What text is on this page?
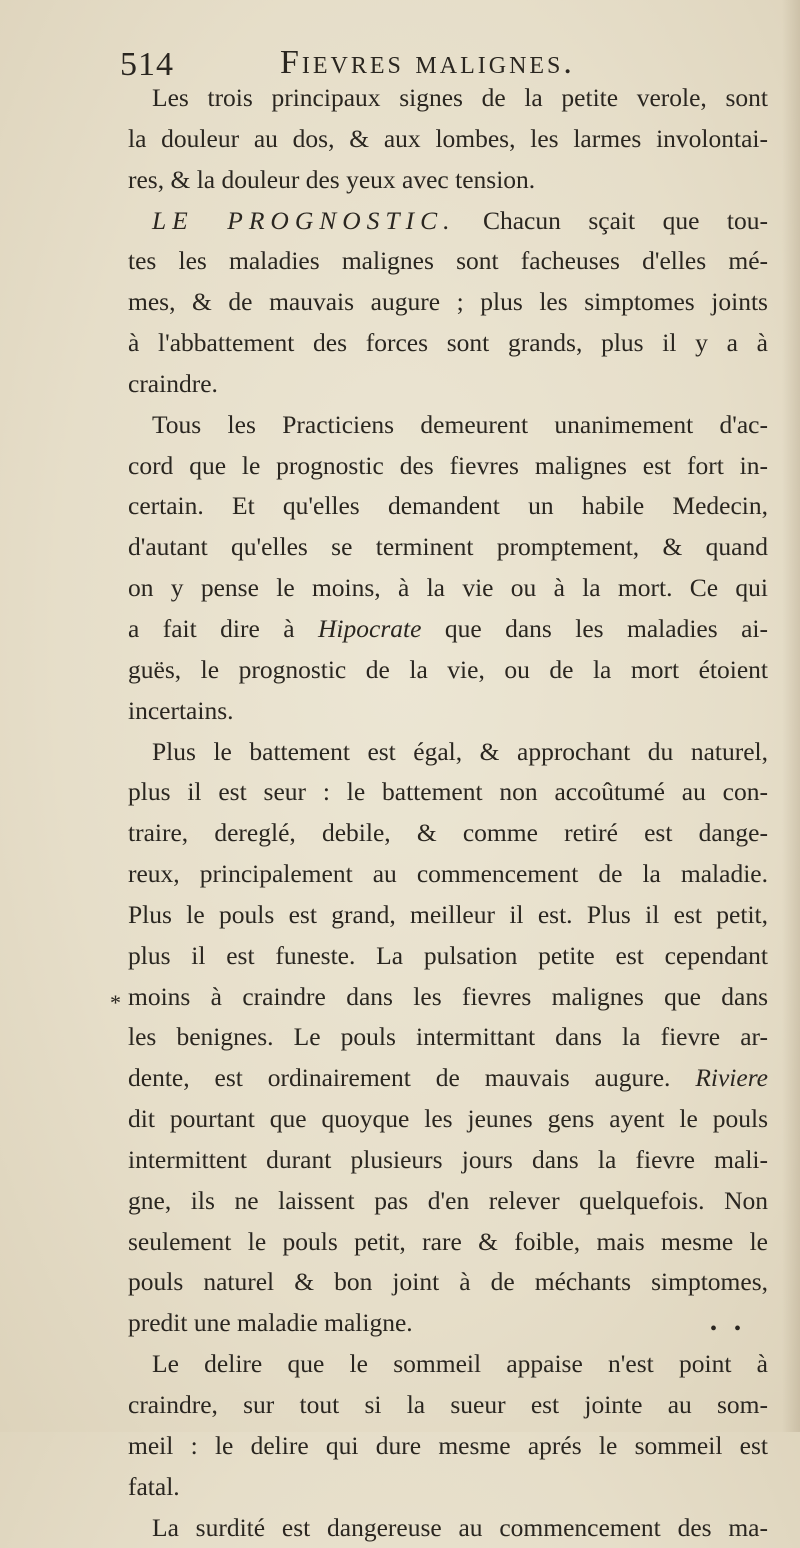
514	Fievres malignes.
Les trois principaux signes de la petite verole, sont
la douleur au dos, & aux lombes, les larmes involontai-
res, & la douleur des yeux avec tension.
LE PROGNOSTIC. Chacun sçait que tou-
tes les maladies malignes sont facheuses d'elles mé-
mes, & de mauvais augure ; plus les simptomes joints
à l'abbattement des forces sont grands, plus il y a à
craindre.
Tous les Practiciens demeurent unanimement d'ac-
cord que le prognostic des fievres malignes est fort in-
certain. Et qu'elles demandent un habile Medecin,
d'autant qu'elles se terminent promptement, & quand
on y pense le moins, à la vie ou à la mort. Ce qui
a fait dire à Hipocrate que dans les maladies ai-
guës, le prognostic de la vie, ou de la mort étoient
incertains.
Plus le battement est égal, & approchant du naturel,
plus il est seur : le battement non accoûtumé au con-
traire, dereglé, debile, & comme retiré est dange-
reux, principalement au commencement de la maladie.
Plus le pouls est grand, meilleur il est. Plus il est petit,
plus il est funeste. La pulsation petite est cependant
moins à craindre dans les fievres malignes que dans
les benignes. Le pouls intermittant dans la fievre ar-
dente, est ordinairement de mauvais augure. Riviere
dit pourtant que quoyque les jeunes gens ayent le pouls
intermittent durant plusieurs jours dans la fievre mali-
gne, ils ne laissent pas d'en relever quelquefois. Non
seulement le pouls petit, rare & foible, mais mesme le
pouls naturel & bon joint à de méchants simptomes,
predit une maladie maligne.
Le delire que le sommeil appaise n'est point à
craindre, sur tout si la sueur est jointe au som-
meil : le delire qui dure mesme aprés le sommeil est
fatal.
La surdité est dangereuse au commencement des ma-
*
• •
